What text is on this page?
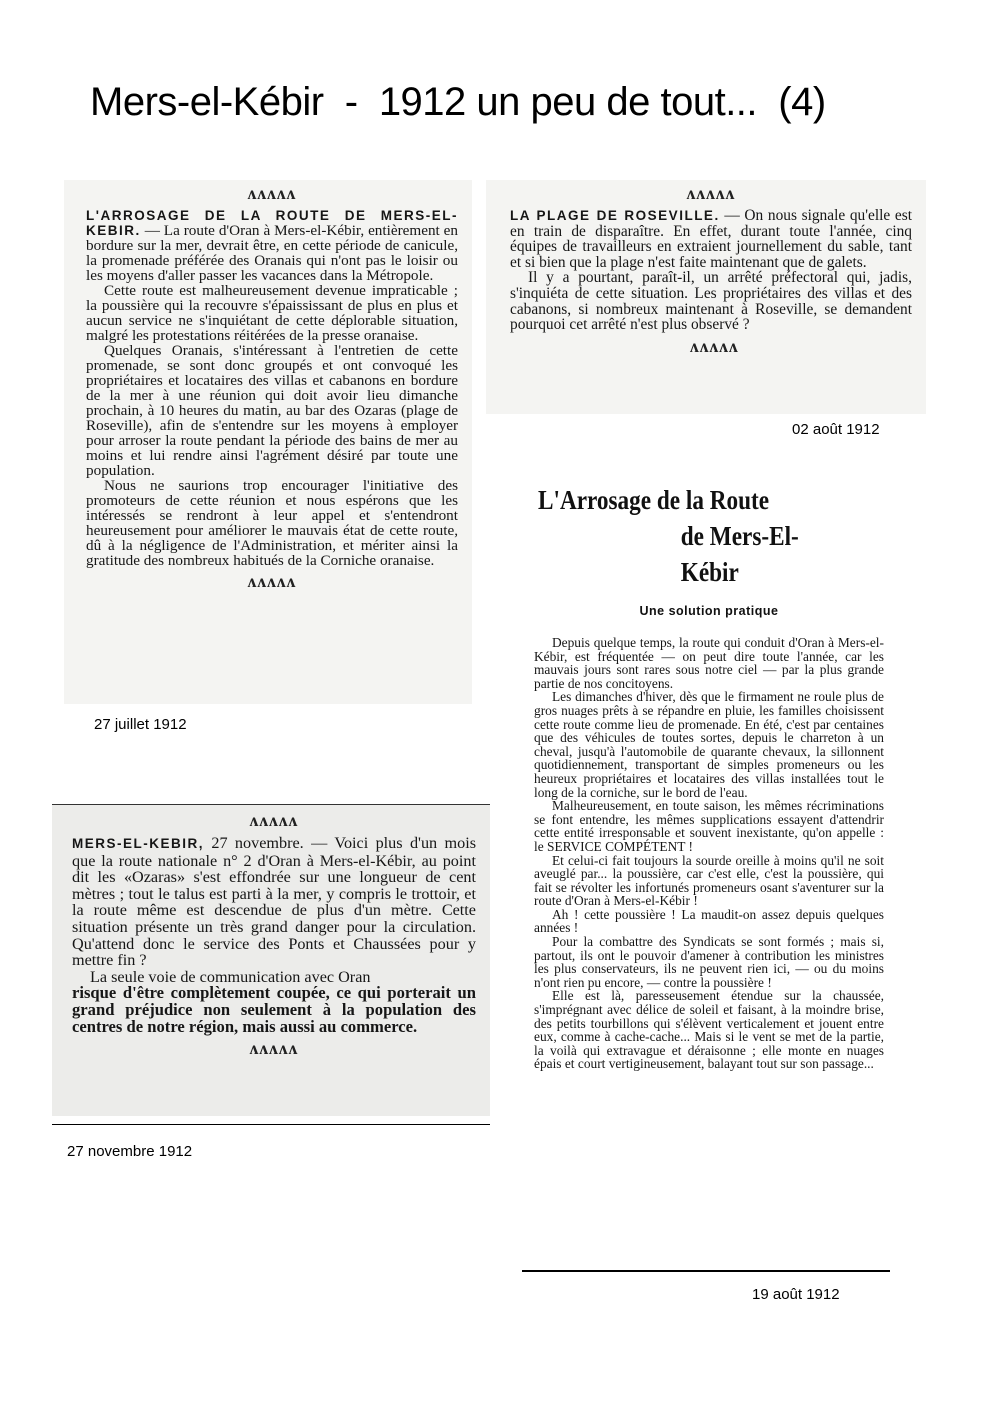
Mers-el-Kébir  -  1912 un peu de tout...  (4)
ᴧᴧᴧᴧᴧ

L'ARROSAGE DE LA ROUTE DE MERS-EL-KEBIR. — La route d'Oran à Mers-el-Kébir, entièrement en bordure sur la mer, devrait être, en cette période de canicule, la promenade préférée des Oranais qui n'ont pas le loisir ou les moyens d'aller passer les vacances dans la Métropole.

Cette route est malheureusement devenue impraticable ; la poussière qui la recouvre s'épaississant de plus en plus et aucun service ne s'inquiétant de cette déplorable situation, malgré les protestations réitérées de la presse oranaise.

Quelques Oranais, s'intéressant à l'entretien de cette promenade, se sont donc groupés et ont convoqué les propriétaires et locataires des villas et cabanons en bordure de la mer à une réunion qui doit avoir lieu dimanche prochain, à 10 heures du matin, au bar des Ozaras (plage de Roseville), afin de s'entendre sur les moyens à employer pour arroser la route pendant la période des bains de mer au moins et lui rendre ainsi l'agrément désiré par toute une population.

Nous ne saurions trop encourager l'initiative des promoteurs de cette réunion et nous espérons que les intéressés se rendront à leur appel et s'entendront heureusement pour améliorer le mauvais état de cette route, dû à la négligence de l'Administration, et mériter ainsi la gratitude des nombreux habitués de la Corniche oranaise.

ᴧᴧᴧᴧᴧ
27 juillet 1912
ᴧᴧᴧᴧᴧ

LA PLAGE DE ROSEVILLE. — On nous signale qu'elle est en train de disparaître. En effet, durant toute l'année, cinq équipes de travailleurs en extraient journellement du sable, tant et si bien que la plage n'est faite maintenant que de galets.

Il y a pourtant, paraît-il, un arrêté préfectoral qui, jadis, s'inquiéta de cette situation. Les propriétaires des villas et des cabanons, si nombreux maintenant à Roseville, se demandent pourquoi cet arrêté n'est plus observé ?

ᴧᴧᴧᴧᴧ
02 août 1912
ᴧᴧᴧᴧᴧ

MERS-EL-KEBIR, 27 novembre. — Voici plus d'un mois que la route nationale n° 2 d'Oran à Mers-el-Kébir, au point dit les «Ozaras» s'est effondrée sur une longueur de cent mètres ; tout le talus est parti à la mer, y compris le trottoir, et la route même est descendue de plus d'un mètre. Cette situation présente un très grand danger pour la circulation. Qu'attend donc le service des Ponts et Chaussées pour y mettre fin ?

La seule voie de communication avec Oran

risque d'être complètement coupée, ce qui porterait un grand préjudice non seulement à la population des centres de notre région, mais aussi au commerce.

ᴧᴧᴧᴧᴧ
27 novembre 1912
L'Arrosage de la Route
de Mers-El-Kébir
Une solution pratique

Depuis quelque temps, la route qui conduit d'Oran à Mers-el-Kébir, est fréquentée — on peut dire toute l'année, car les mauvais jours sont rares sous notre ciel — par la plus grande partie de nos concitoyens.

Les dimanches d'hiver, dès que le firmament ne roule plus de gros nuages prêts à se répandre en pluie, les familles choisissent cette route comme lieu de promenade. En été, c'est par centaines que des véhicules de toutes sortes, depuis le charreton à un cheval, jusqu'à l'automobile de quarante chevaux, la sillonnent quotidiennement, transportant de simples promeneurs ou les heureux propriétaires et locataires des villas installées tout le long de la corniche, sur le bord de l'eau.

Malheureusement, en toute saison, les mêmes récriminations se font entendre, les mêmes supplications essayent d'attendrir cette entité irresponsable et souvent inexistante, qu'on appelle : le SERVICE COMPÉTENT !

Et celui-ci fait toujours la sourde oreille à moins qu'il ne soit aveuglé par... la poussière, car c'est elle, c'est la poussière, qui fait se révolter les infortunés promeneurs osant s'aventurer sur la route d'Oran à Mers-el-Kébir !

Ah ! cette poussière ! La maudit-on assez depuis quelques années !

Pour la combattre des Syndicats se sont formés ; mais si, partout, ils ont le pouvoir d'amener à contribution les ministres les plus conservateurs, ils ne peuvent rien ici, — ou du moins n'ont rien pu encore, — contre la poussière !

Elle est là, paresseusement étendue sur la chaussée, s'imprégnant avec délice de soleil et faisant, à la moindre brise, des petits tourbillons qui s'élèvent verticalement et jouent entre eux, comme à cache-cache... Mais si le vent se met de la partie, la voilà qui extravague et déraisonne ; elle monte en nuages épais et court vertigineusement, balayant tout sur son passage...

19 août 1912
